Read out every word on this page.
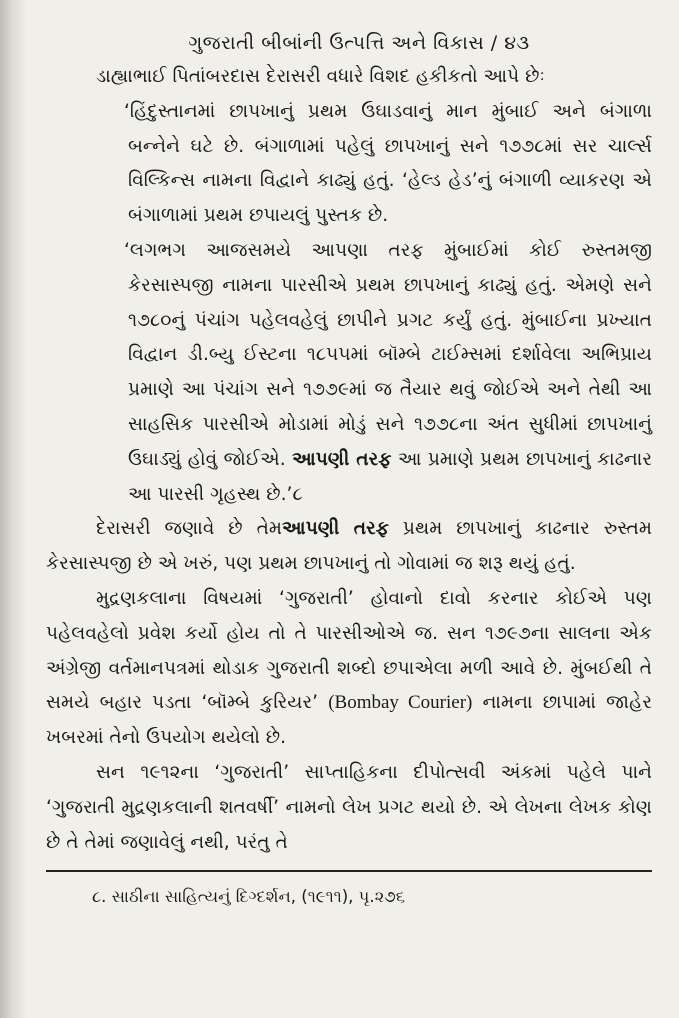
ગુજરાતી બીબાંની ઉત્પત્તિ અને વિકાસ / ૪૩

ડાહ્યાભાઈ પિતાંબરદાસ દેરાસરી વધારે વિશદ હકીકતો આપે છેઃ

‘હિંદુસ્તાનમાં છાપખાનું પ્રથમ ઉઘાડવાનું માન મુંબાઈ અને બંગાળા બન્નેને ઘટે છે. બંગાળામાં પહેલું છાપખાનું સને ૧૭૭૮માં સર ચાર્લ્સ વિલ્કિન્સ નામના વિદ્વાને કાઢ્યું હતું. ‘હેલ્ડ હેડ’નું બંગાળી વ્યાકરણ એ બંગાળામાં પ્રથમ છપાયલું પુસ્તક છે.

‘લગભગ આજસમયે આપણા તરફ મુંબાઈમાં કોઈ રુસ્તમજી કેરસાસ્પજી નામના પારસીએ પ્રથમ છાપખાનું કાઢ્યું હતું. એમણે સને ૧૭૮૦નું પંચાંગ પહેલવહેલું છાપીને પ્રગટ કર્યું હતું. મુંબાઈના પ્રખ્યાત વિદ્વાન ડી.બ્યુ ઈસ્ટના ૧૮૫૫માં બૉમ્બે ટાઈમ્સમાં દર્શાવેલા અભિપ્રાય પ્રમાણે આ પંચાંગ સને ૧૭૭૯માં જ તૈયાર થવું જોઈએ અને તેથી આ સાહસિક પારસીએ મોડામાં મોડું સને ૧૭૭૮ના અંત સુધીમાં છાપખાનું ઉઘાડ્યું હોવું જોઈએ. આપણી તરફ આ પ્રમાણે પ્રથમ છાપખાનું કાઢનાર આ પારસી ગૃહસ્થ છે.’૮

દેરાસરી જણાવે છે તેમઆપણી તરફ પ્રથમ છાપખાનું કાઢનાર રુસ્તમ કેરસાસ્પજી છે એ ખરું, પણ પ્રથમ છાપખાનું તો ગોવામાં જ શરૂ થયું હતું.

મુદ્રણકલાના વિષયમાં ‘ગુજરાતી’ હોવાનો દાવો કરનાર કોઈએ પણ પહેલવહેલો પ્રવેશ કર્યો હોય તો તે પારસીઓએ જ. સન ૧૭૯૭ના સાલના એક અંગ્રેજી વર્તમાનપત્રમાં થોડાક ગુજરાતી શબ્દો છપાએલા મળી આવે છે. મુંબઈથી તે સમયે બહાર પડતા ‘બૉમ્બે કુરિયર’ (Bombay Courier) નામના છાપામાં જાહેર ખબરમાં તેનો ઉપયોગ થયેલો છે.

સન ૧૯૧૨ના ‘ગુજરાતી’ સાપ્તાહિકના દીપોત્સવી અંકમાં પહેલે પાને ‘ગુજરાતી મુદ્રણકલાની શતવર્ષી’ નામનો લેખ પ્રગટ થયો છે. એ લેખના લેખક કોણ છે તે તેમાં જણાવેલું નથી, પરંતુ તે

૮. સાઠીના સાહિત્યનું દિગ્દર્શન, (૧૯૧૧), પૃ.૨૭૬
